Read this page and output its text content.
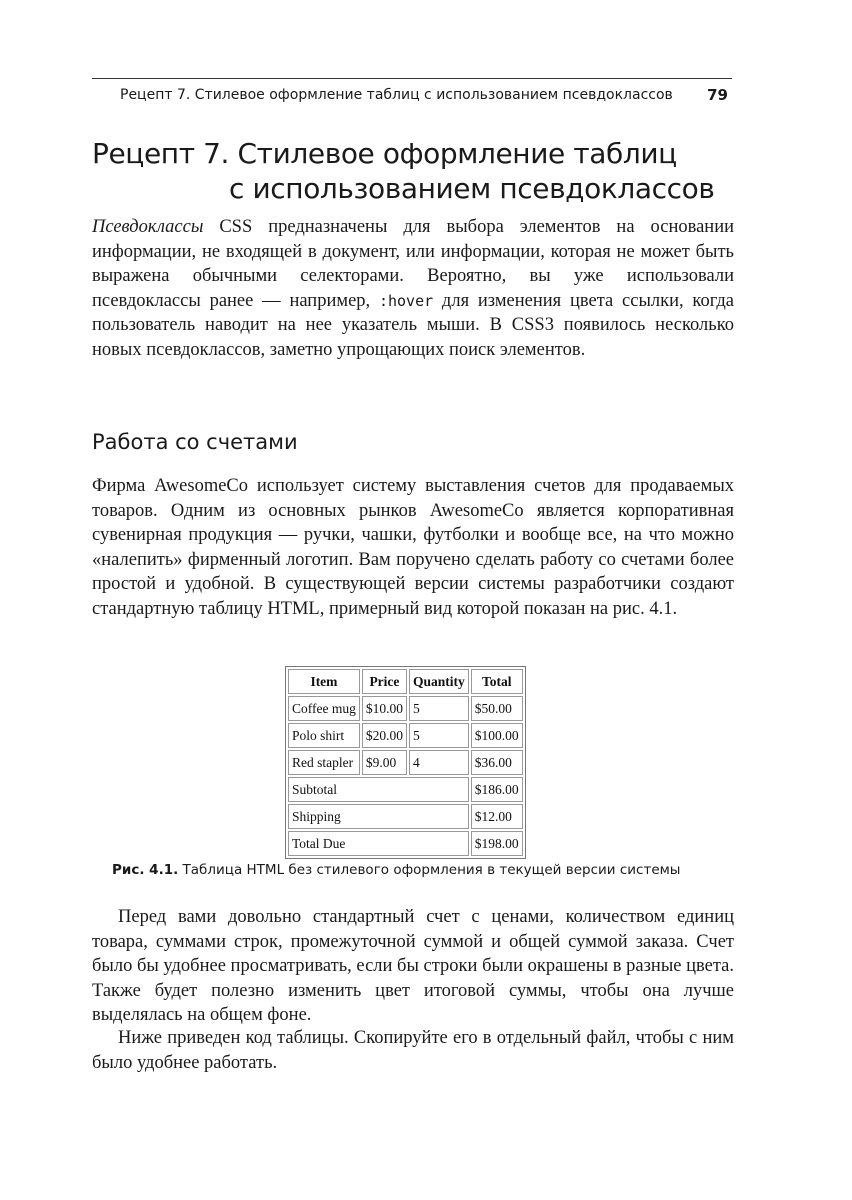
Рецепт 7. Стилевое оформление таблиц с использованием псевдоклассов 79
Рецепт 7. Стилевое оформление таблиц
с использованием псевдоклассов

Псевдоклассы CSS предназначены для выбора элементов на основании информации, не входящей в документ, или информации, которая не может быть выражена обычными селекторами. Вероятно, вы уже использовали псевдоклассы ранее — например, :hover для изменения цвета ссылки, когда пользователь наводит на нее указатель мыши. В CSS3 появилось несколько новых псевдоклассов, заметно упрощающих поиск элементов.

Работа со счетами

Фирма AwesomeCo использует систему выставления счетов для продаваемых товаров. Одним из основных рынков AwesomeCo является корпоративная сувенирная продукция — ручки, чашки, футболки и вообще все, на что можно «налепить» фирменный логотип. Вам поручено сделать работу со счетами более простой и удобной. В существующей версии системы разработчики создают стандартную таблицу HTML, примерный вид которой показан на рис. 4.1.

Item	Price	Quantity	Total
Coffee mug	$10.00	5	$50.00
Polo shirt	$20.00	5	$100.00
Red stapler	$9.00	4	$36.00
Subtotal			$186.00
Shipping			$12.00
Total Due			$198.00
Рис. 4.1. Таблица HTML без стилевого оформления в текущей версии системы

Перед вами довольно стандартный счет с ценами, количеством единиц товара, суммами строк, промежуточной суммой и общей суммой заказа. Счет было бы удобнее просматривать, если бы строки были окрашены в разные цвета. Также будет полезно изменить цвет итоговой суммы, чтобы она лучше выделялась на общем фоне.

Ниже приведен код таблицы. Скопируйте его в отдельный файл, чтобы с ним было удобнее работать.
